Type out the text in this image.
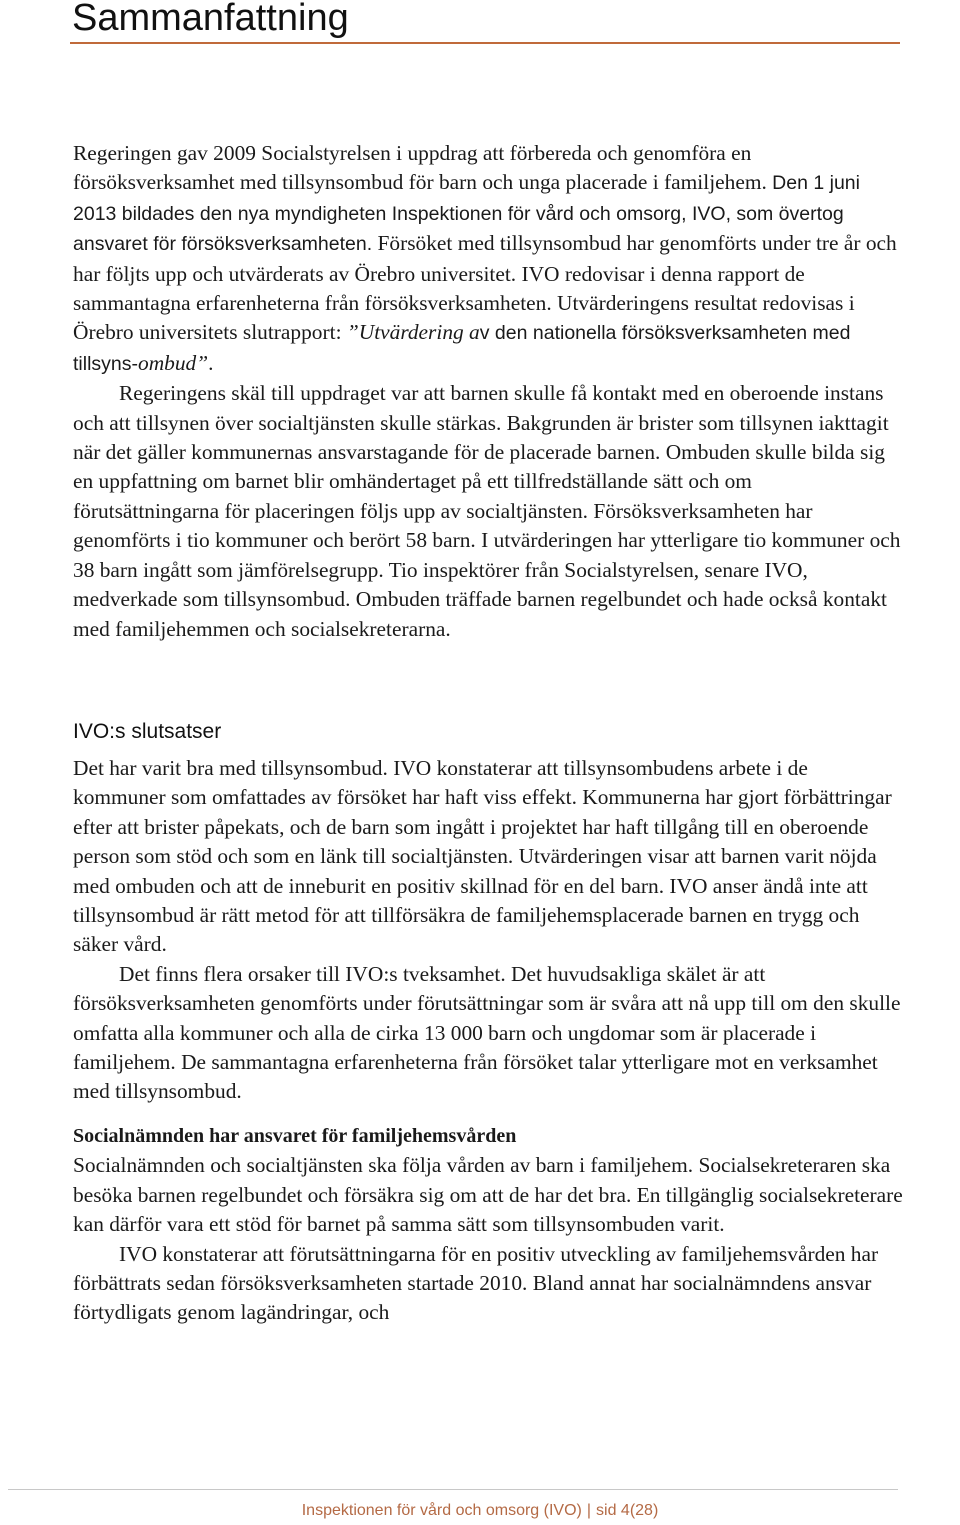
Sammanfattning

Regeringen gav 2009 Socialstyrelsen i uppdrag att förbereda och genomföra en försöksverksamhet med tillsynsombud för barn och unga placerade i familjehem. Den 1 juni 2013 bildades den nya myndigheten Inspektionen för vård och omsorg, IVO, som övertog ansvaret för försöksverksamheten. Försöket med tillsynsombud har genomförts under tre år och har följts upp och utvärderats av Örebro universitet. IVO redovisar i denna rapport de sammantagna erfarenheterna från försöksverksamheten. Utvärderingens resultat redovisas i Örebro universitets slutrapport: ”Utvärdering av den nationella försöksverksamheten med tillsyns-ombud”.

Regeringens skäl till uppdraget var att barnen skulle få kontakt med en oberoende instans och att tillsynen över socialtjänsten skulle stärkas. Bakgrunden är brister som tillsynen iakttagit när det gäller kommunernas ansvarstagande för de placerade barnen. Ombuden skulle bilda sig en uppfattning om barnet blir omhändertaget på ett tillfredställande sätt och om förutsättningarna för placeringen följs upp av socialtjänsten. Försöksverksamheten har genomförts i tio kommuner och berört 58 barn. I utvärderingen har ytterligare tio kommuner och 38 barn ingått som jämförelsegrupp. Tio inspektörer från Socialstyrelsen, senare IVO, medverkade som tillsynsombud. Ombuden träffade barnen regelbundet och hade också kontakt med familjehemmen och socialsekreterarna.

IVO:s slutsatser

Det har varit bra med tillsynsombud. IVO konstaterar att tillsynsombudens arbete i de kommuner som omfattades av försöket har haft viss effekt. Kommunerna har gjort förbättringar efter att brister påpekats, och de barn som ingått i projektet har haft tillgång till en oberoende person som stöd och som en länk till socialtjänsten. Utvärderingen visar att barnen varit nöjda med ombuden och att de inneburit en positiv skillnad för en del barn. IVO anser ändå inte att tillsynsombud är rätt metod för att tillförsäkra de familjehemsplacerade barnen en trygg och säker vård.

Det finns flera orsaker till IVO:s tveksamhet. Det huvudsakliga skälet är att försöksverksamheten genomförts under förutsättningar som är svåra att nå upp till om den skulle omfatta alla kommuner och alla de cirka 13 000 barn och ungdomar som är placerade i familjehem. De sammantagna erfarenheterna från försöket talar ytterligare mot en verksamhet med tillsynsombud.

Socialnämnden har ansvaret för familjehemsvården

Socialnämnden och socialtjänsten ska följa vården av barn i familjehem. Socialsekreteraren ska besöka barnen regelbundet och försäkra sig om att de har det bra. En tillgänglig socialsekreterare kan därför vara ett stöd för barnet på samma sätt som tillsynsombuden varit.

IVO konstaterar att förutsättningarna för en positiv utveckling av familjehemsvården har förbättrats sedan försöksverksamheten startade 2010. Bland annat har socialnämndens ansvar förtydligats genom lagändringar, och

Inspektionen för vård och omsorg (IVO) | sid 4(28)
